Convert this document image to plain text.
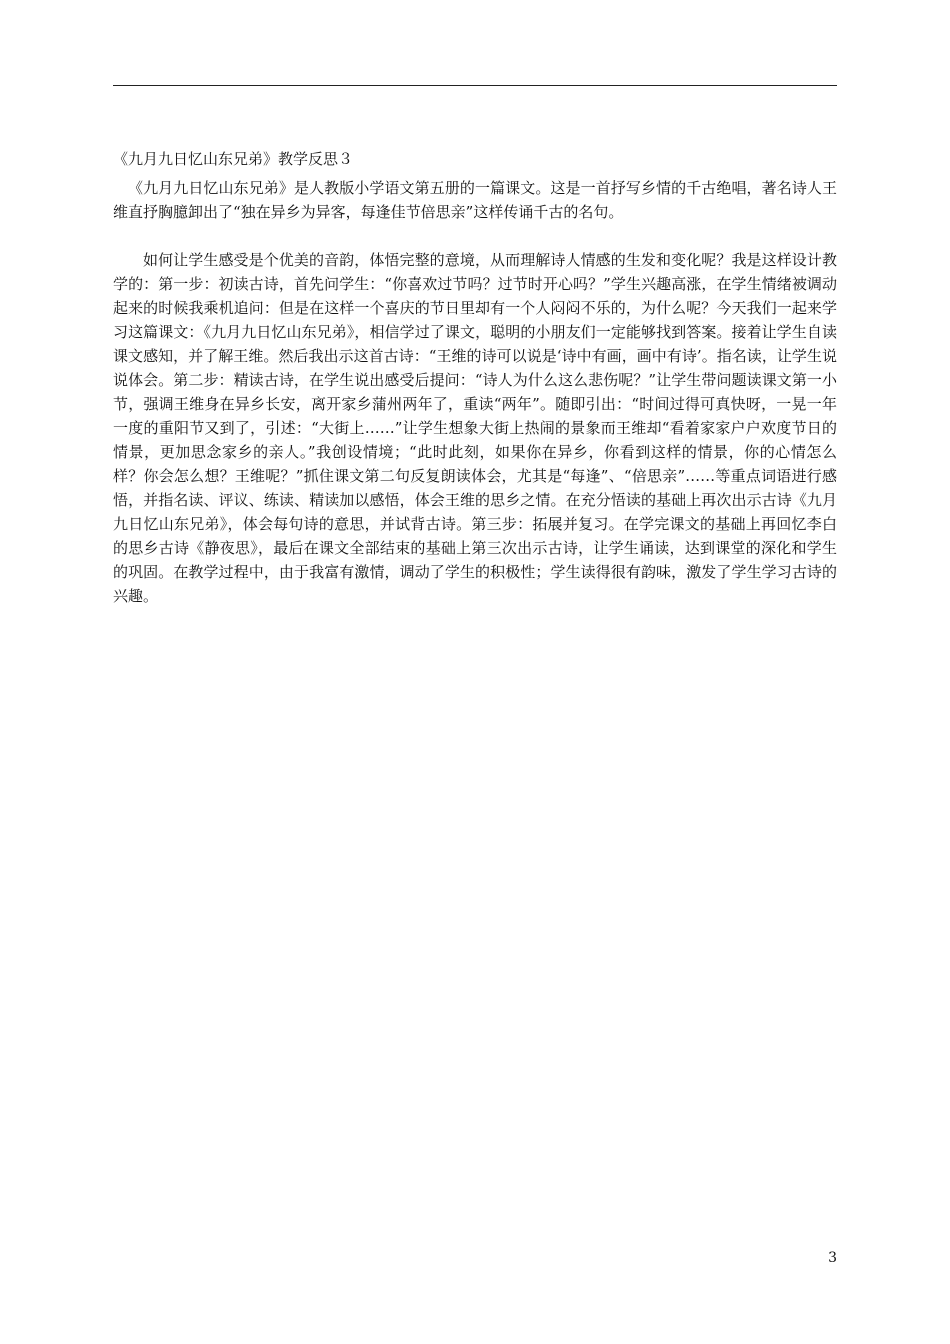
《九月九日忆山东兄弟》教学反思３

《九月九日忆山东兄弟》是人教版小学语文第五册的一篇课文。这是一首抒写乡情的千古绝唱，著名诗人王维直抒胸臆卸出了“独在异乡为异客，每逢佳节倍思亲”这样传诵千古的名句。

如何让学生感受是个优美的音韵，体悟完整的意境，从而理解诗人情感的生发和变化呢？我是这样设计教学的：第一步：初读古诗，首先问学生：“你喜欢过节吗？过节时开心吗？”学生兴趣高涨，在学生情绪被调动起来的时候我乘机追问：但是在这样一个喜庆的节日里却有一个人闷闷不乐的，为什么呢？今天我们一起来学习这篇课文：《九月九日忆山东兄弟》，相信学过了课文，聪明的小朋友们一定能够找到答案。接着让学生自读课文感知，并了解王维。然后我出示这首古诗：“王维的诗可以说是‘诗中有画，画中有诗’。指名读，让学生说说体会。第二步：精读古诗，在学生说出感受后提问：“诗人为什么这么悲伤呢？”让学生带问题读课文第一小节，强调王维身在异乡长安，离开家乡蒲州两年了，重读“两年”。随即引出：“时间过得可真快呀，一晃一年一度的重阳节又到了，引述：“大街上……”让学生想象大街上热闹的景象而王维却“看着家家户户欢度节日的情景，更加思念家乡的亲人。”我创设情境；“此时此刻，如果你在异乡，你看到这样的情景，你的心情怎么样？你会怎么想？王维呢？”抓住课文第二句反复朗读体会，尤其是“每逢”、“倍思亲”……等重点词语进行感悟，并指名读、评议、练读、精读加以感悟，体会王维的思乡之情。在充分悟读的基础上再次出示古诗《九月九日忆山东兄弟》，体会每句诗的意思，并试背古诗。第三步：拓展并复习。在学完课文的基础上再回忆李白的思乡古诗《静夜思》，最后在课文全部结束的基础上第三次出示古诗，让学生诵读，达到课堂的深化和学生的巩固。在教学过程中，由于我富有激情，调动了学生的积极性；学生读得很有韵味，激发了学生学习古诗的兴趣。

3
